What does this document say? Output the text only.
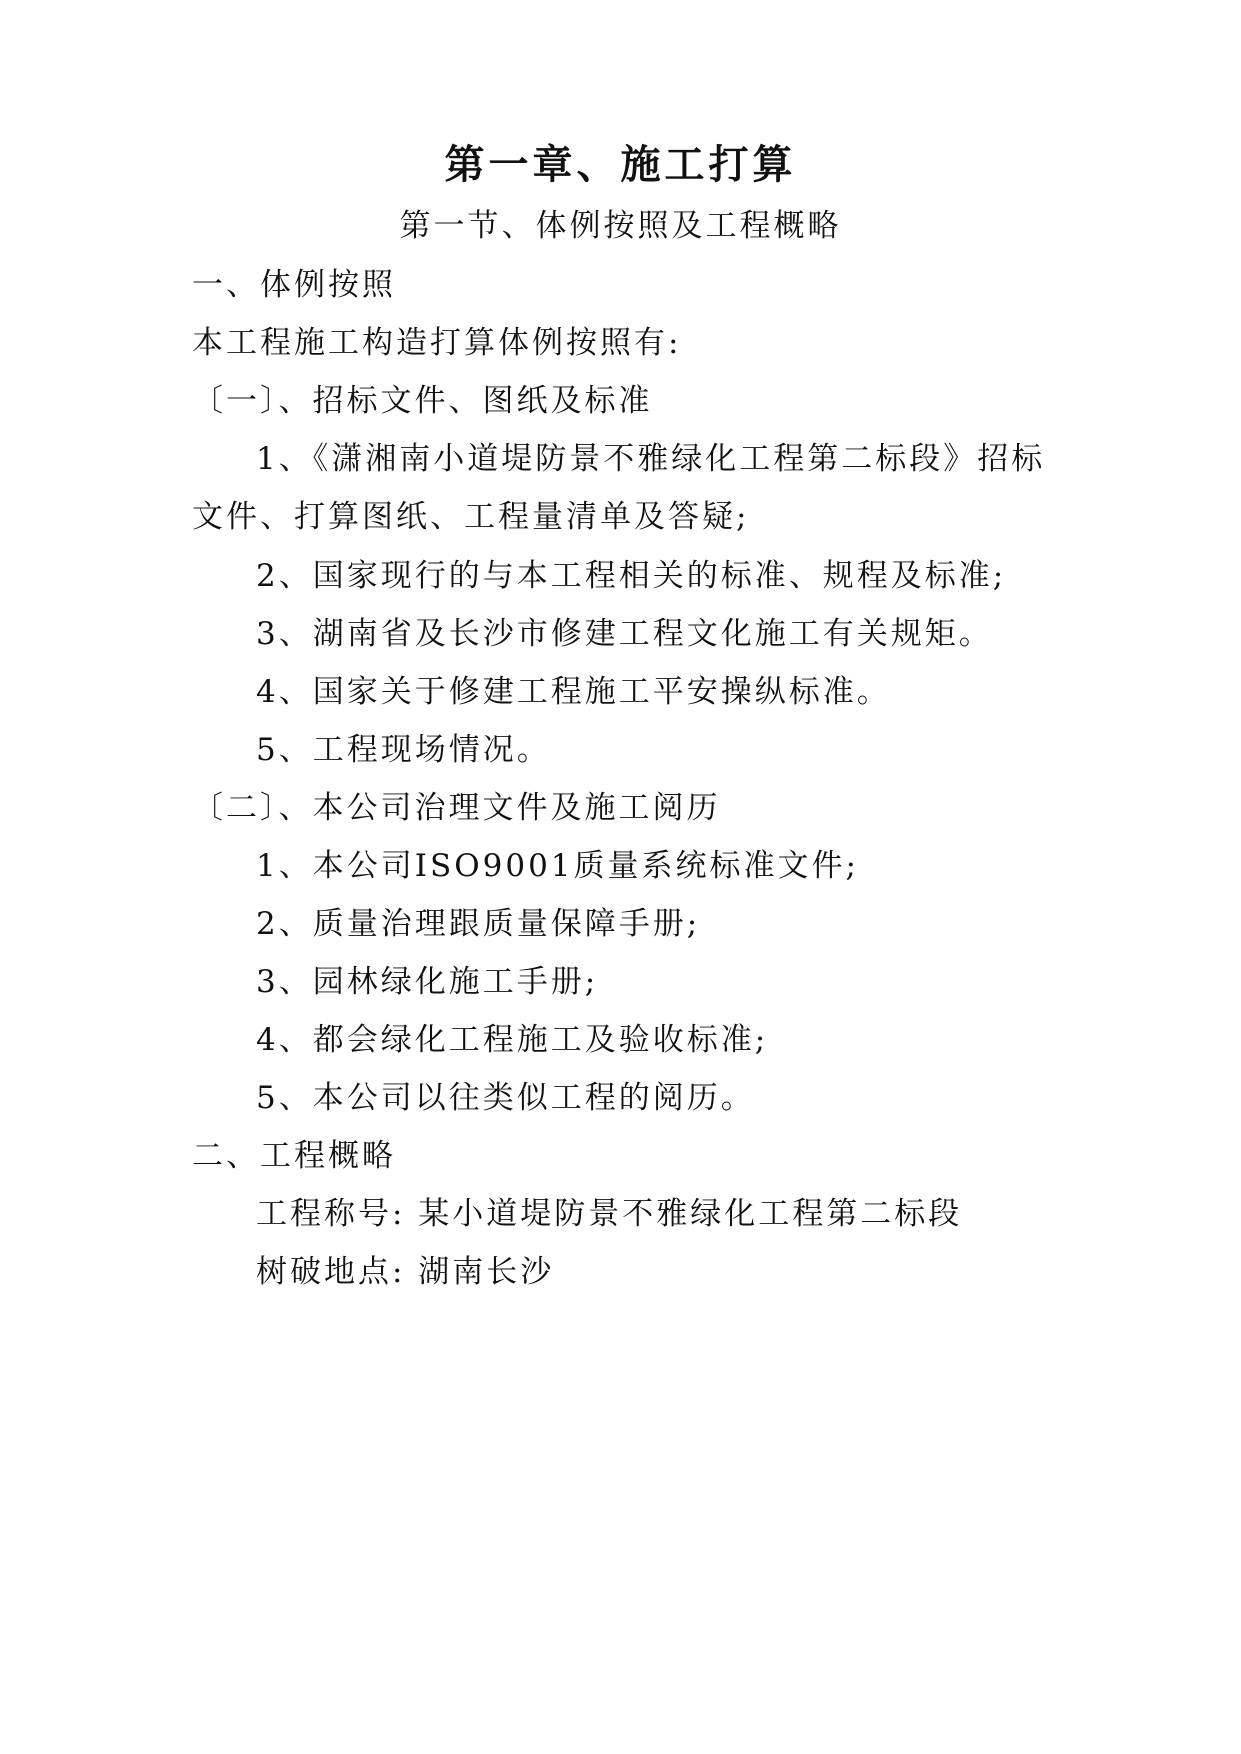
第一章、施工打算
第一节、体例按照及工程概略
一、体例按照
本工程施工构造打算体例按照有:
〔一〕、招标文件、图纸及标准
1、《潇湘南小道堤防景不雅绿化工程第二标段》招标
文件、打算图纸、工程量清单及答疑;
2、国家现行的与本工程相关的标准、规程及标准;
3、湖南省及长沙市修建工程文化施工有关规矩。
4、国家关于修建工程施工平安操纵标准。
5、工程现场情况。
〔二〕、本公司治理文件及施工阅历
1、本公司ISO9001质量系统标准文件;
2、质量治理跟质量保障手册;
3、园林绿化施工手册;
4、都会绿化工程施工及验收标准;
5、本公司以往类似工程的阅历。
二、工程概略
工程称号: 某小道堤防景不雅绿化工程第二标段
树破地点: 湖南长沙
